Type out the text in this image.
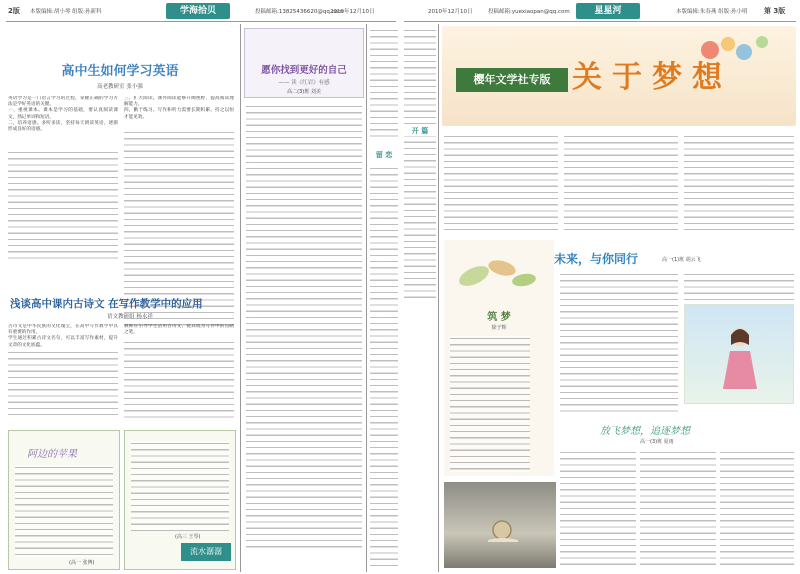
2版 本版编辑:胡小琴 组版:孙新科	学海拾贝	投稿邮箱:13825436620@qq.com
2010年12月10日
高中生如何学习英语
高老教研室 张小强

英语学习是一门语言学习的过程，掌握正确的学习方法是学好英语的关键。

一、重视课本。课本是学习的基础，要认真阅读课文，熟记单词和短语。

二、培养语感。多听多读，坚持每天朗读英语，逐渐形成良好的语感。

三、扩大阅读。课外阅读能够开阔视野，提高阅读理解能力。

四、勤于练习。写作和听力需要长期积累，持之以恒才能见效。

浅谈高中课内古诗文 在写作教学中的应用
语文教研组 杨永祥

古诗文是中华民族的文化瑰宝，在高中写作教学中具有重要的作用。

学生通过积累古诗文名句，可以丰富写作素材，提升文章的文化底蕴。

教师应引导学生活用古诗文，使其成为写作中的点睛之笔。

阿边的苹果
(高一 张博)
(高三 王琴)
流水潺潺
愿你找到更好的自己
—— 读《红岩》有感
高二(3)班 刘美
留 恋
2010年12月10日	投稿邮箱:yuexiaopan@qq.com	星星河	本版编辑:朱春燕 组版:孙小明 第 3版
开 篇
樱年文学社专版 关于梦想
未来，与你同行	高一(1)班 胡云飞
筑 梦
徐子辉
放飞梦想，追逐梦想
高一(3)班 夏雨
